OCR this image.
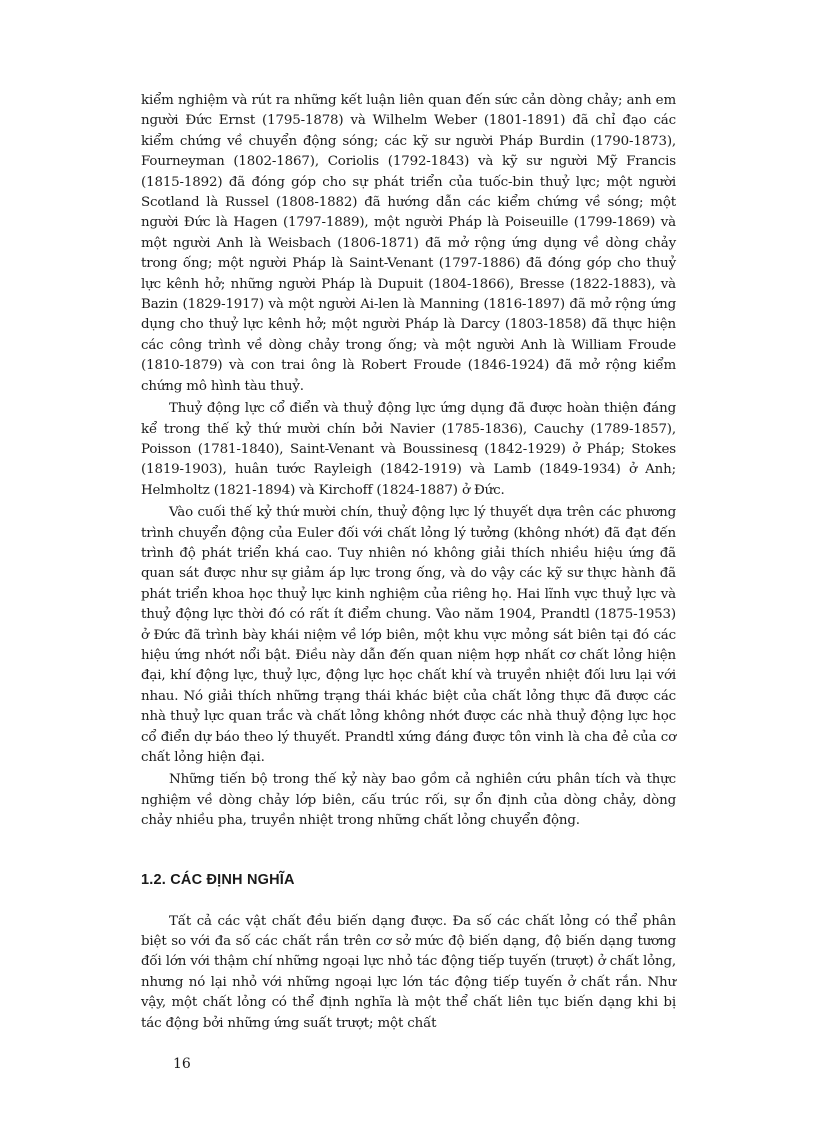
kiểm nghiệm và rút ra những kết luận liên quan đến sức cản dòng chảy; anh em người Đức Ernst (1795-1878) và Wilhelm Weber (1801-1891) đã chỉ đạo các kiểm chứng về chuyển động sóng; các kỹ sư người Pháp Burdin (1790-1873), Fourneyman (1802-1867), Coriolis (1792-1843) và kỹ sư người Mỹ Francis (1815-1892) đã đóng góp cho sự phát triển của tuốc-bin thuỷ lực; một người Scotland là Russel (1808-1882) đã hướng dẫn các kiểm chứng về sóng; một người Đức là Hagen (1797-1889), một người Pháp là Poiseuille (1799-1869) và một người Anh là Weisbach (1806-1871) đã mở rộng ứng dụng về dòng chảy trong ống; một người Pháp là Saint-Venant (1797-1886) đã đóng góp cho thuỷ lực kênh hở; những người Pháp là Dupuit (1804-1866), Bresse (1822-1883), và Bazin (1829-1917) và một người Ai-len là Manning (1816-1897) đã mở rộng ứng dụng cho thuỷ lực kênh hở; một người Pháp là Darcy (1803-1858) đã thực hiện các công trình về dòng chảy trong ống; và một người Anh là William Froude (1810-1879) và con trai ông là Robert Froude (1846-1924) đã mở rộng kiểm chứng mô hình tàu thuỷ.

Thuỷ động lực cổ điển và thuỷ động lực ứng dụng đã được hoàn thiện đáng kể trong thế kỷ thứ mười chín bởi Navier (1785-1836), Cauchy (1789-1857), Poisson (1781-1840), Saint-Venant và Boussinesq (1842-1929) ở Pháp; Stokes (1819-1903), huân tước Rayleigh (1842-1919) và Lamb (1849-1934) ở Anh; Helmholtz (1821-1894) và Kirchoff (1824-1887) ở Đức.

Vào cuối thế kỷ thứ mười chín, thuỷ động lực lý thuyết dựa trên các phương trình chuyển động của Euler đối với chất lỏng lý tưởng (không nhớt) đã đạt đến trình độ phát triển khá cao. Tuy nhiên nó không giải thích nhiều hiệu ứng đã quan sát được như sự giảm áp lực trong ống, và do vậy các kỹ sư thực hành đã phát triển khoa học thuỷ lực kinh nghiệm của riêng họ. Hai lĩnh vực thuỷ lực và thuỷ động lực thời đó có rất ít điểm chung. Vào năm 1904, Prandtl (1875-1953) ở Đức đã trình bày khái niệm về lớp biên, một khu vực mỏng sát biên tại đó các hiệu ứng nhớt nổi bật. Điều này dẫn đến quan niệm hợp nhất cơ chất lỏng hiện đại, khí động lực, thuỷ lực, động lực học chất khí và truyền nhiệt đối lưu lại với nhau. Nó giải thích những trạng thái khác biệt của chất lỏng thực đã được các nhà thuỷ lực quan trắc và chất lỏng không nhớt được các nhà thuỷ động lực học cổ điển dự báo theo lý thuyết. Prandtl xứng đáng được tôn vinh là cha đẻ của cơ chất lỏng hiện đại.

Những tiến bộ trong thế kỷ này bao gồm cả nghiên cứu phân tích và thực nghiệm về dòng chảy lớp biên, cấu trúc rối, sự ổn định của dòng chảy, dòng chảy nhiều pha, truyền nhiệt trong những chất lỏng chuyển động.

1.2. CÁC ĐỊNH NGHĨA

Tất cả các vật chất đều biến dạng được. Đa số các chất lỏng có thể phân biệt so với đa số các chất rắn trên cơ sở mức độ biến dạng, độ biến dạng tương đối lớn với thậm chí những ngoại lực nhỏ tác động tiếp tuyến (trượt) ở chất lỏng, nhưng nó lại nhỏ với những ngoại lực lớn tác động tiếp tuyến ở chất rắn. Như vậy, một chất lỏng có thể định nghĩa là một thể chất liên tục biến dạng khi bị tác động bởi những ứng suất trượt; một chất

16
